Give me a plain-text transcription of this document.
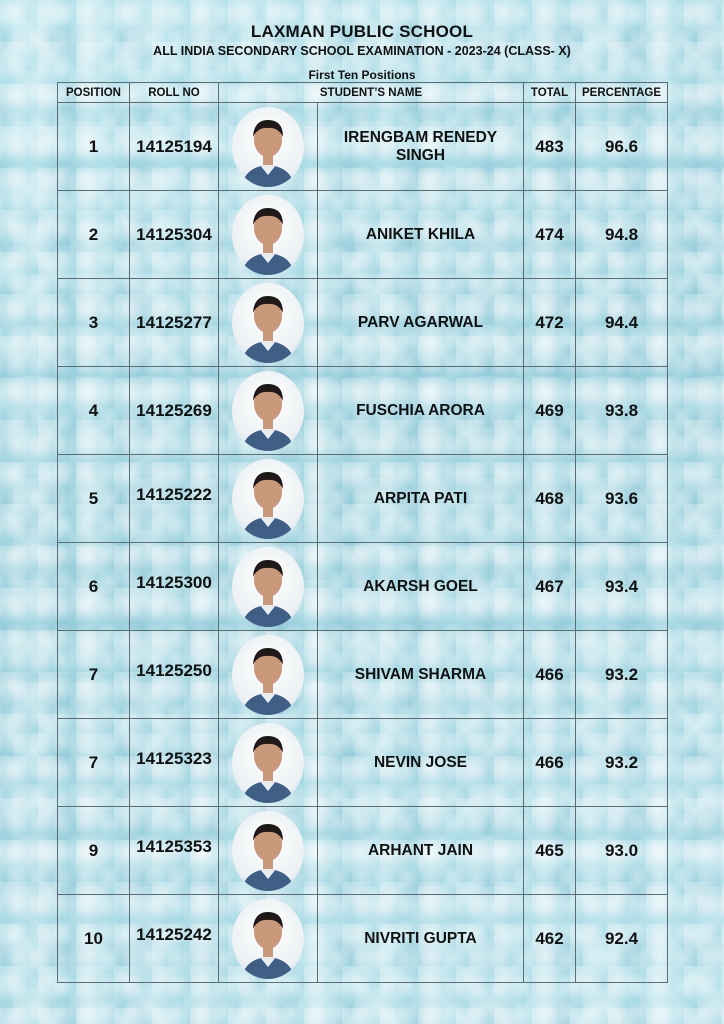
LAXMAN PUBLIC SCHOOL
ALL INDIA SECONDARY SCHOOL EXAMINATION - 2023-24 (CLASS- X)
First Ten Positions
POSITION	ROLL NO	STUDENT’S NAME		TOTAL	PERCENTAGE
1	14125194		IRENGBAM RENEDY SINGH	483	96.6
2	14125304		ANIKET KHILA	474	94.8
3	14125277		PARV AGARWAL	472	94.4
4	14125269		FUSCHIA ARORA	469	93.8
5	14125222		ARPITA PATI	468	93.6
6	14125300		AKARSH GOEL	467	93.4
7	14125250		SHIVAM SHARMA	466	93.2
7	14125323		NEVIN JOSE	466	93.2
9	14125353		ARHANT JAIN	465	93.0
10	14125242		NIVRITI GUPTA	462	92.4
